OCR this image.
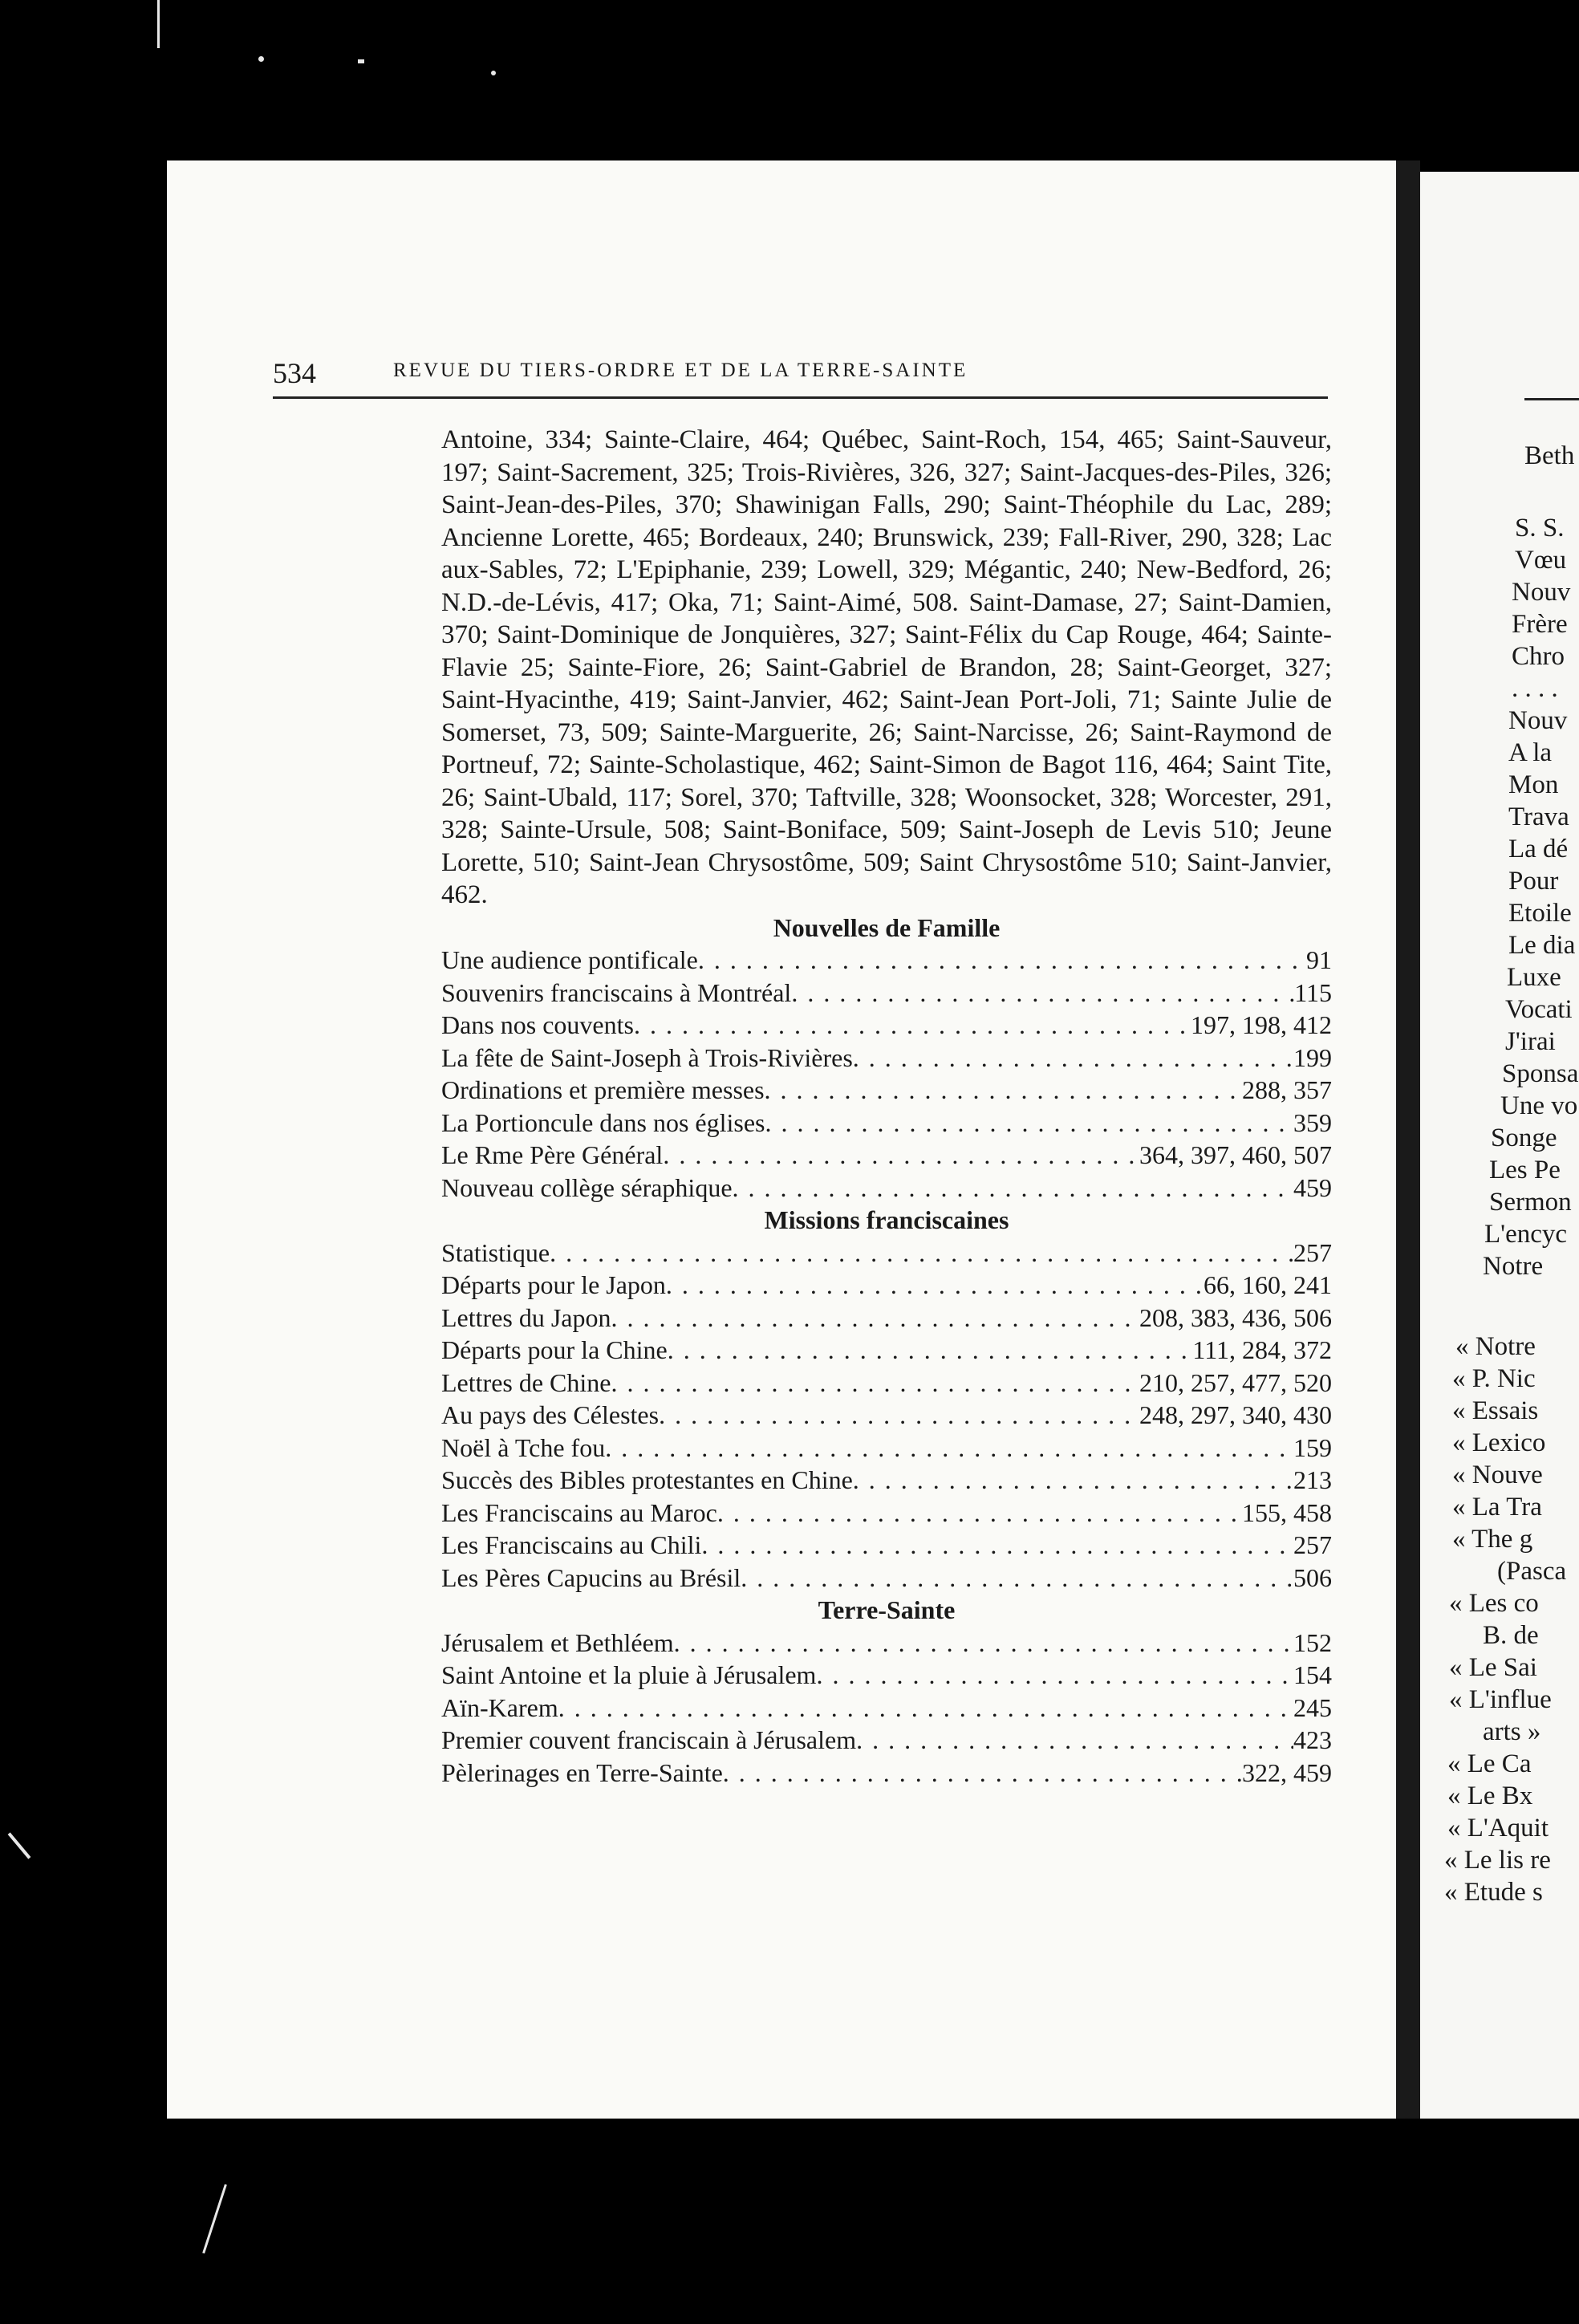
534	REVUE DU TIERS-ORDRE ET DE LA TERRE-SAINTE

Antoine, 334; Sainte-Claire, 464; Québec, Saint-Roch, 154, 465; Saint-Sauveur, 197; Saint-Sacrement, 325; Trois-Rivières, 326, 327; Saint-Jacques-des-Piles, 326; Saint-Jean-des-Piles, 370; Shawinigan Falls, 290; Saint-Théophile du Lac, 289; Ancienne Lorette, 465; Bordeaux, 240; Brunswick, 239; Fall-River, 290, 328; Lac aux-Sables, 72; L'Epiphanie, 239; Lowell, 329; Mégantic, 240; New-Bedford, 26; N.D.-de-Lévis, 417; Oka, 71; Saint-Aimé, 508. Saint-Damase, 27; Saint-Damien, 370; Saint-Dominique de Jonquières, 327; Saint-Félix du Cap Rouge, 464; Sainte-Flavie 25; Sainte-Fiore, 26; Saint-Gabriel de Brandon, 28; Saint-Georget, 327; Saint-Hyacinthe, 419; Saint-Janvier, 462; Saint-Jean Port-Joli, 71; Sainte Julie de Somerset, 73, 509; Sainte-Marguerite, 26; Saint-Narcisse, 26; Saint-Raymond de Portneuf, 72; Sainte-Scholastique, 462; Saint-Simon de Bagot 116, 464; Saint Tite, 26; Saint-Ubald, 117; Sorel, 370; Taftville, 328; Woonsocket, 328; Worcester, 291, 328; Sainte-Ursule, 508; Saint-Boniface, 509; Saint-Joseph de Levis 510; Jeune Lorette, 510; Saint-Jean Chrysostôme, 509; Saint Chrysostôme 510; Saint-Janvier, 462.

Nouvelles de Famille
Une audience pontificale . . .	91
Souvenirs franciscains à Montréal . . .	115
Dans nos couvents . . .	197, 198, 412
La fête de Saint-Joseph à Trois-Rivières . . .	199
Ordinations et première messes . . .	288, 357
La Portioncule dans nos églises . . .	359
Le Rme Père Général . . .	364, 397, 460, 507
Nouveau collège séraphique . . .	459
Missions franciscaines
Statistique . . .	257
Départs pour le Japon . . .	66, 160, 241
Lettres du Japon . . .	208, 383, 436, 506
Départs pour la Chine . . .	111, 284, 372
Lettres de Chine . . .	210, 257, 477, 520
Au pays des Célestes . . .	248, 297, 340, 430
Noël à Tche fou . . .	159
Succès des Bibles protestantes en Chine . . .	213
Les Franciscains au Maroc . . .	155, 458
Les Franciscains au Chili . . .	257
Les Pères Capucins au Brésil . . .	506
Terre-Sainte
Jérusalem et Bethléem . . .	152
Saint Antoine et la pluie à Jérusalem . . .	154
Aïn-Karem . . .	245
Premier couvent franciscain à Jérusalem . . .	423
Pèlerinages en Terre-Sainte . . .	322, 459
Beth
S. S.
Vœu
Nouv
Frère
Chro
. . . .
Nouv
A la
Mon
Trava
La dé
Pour
Etoile
Le dia
Luxe
Vocati
J'irai
Sponsa
Une vo
Songe
Les Pe
Sermon
L'encyc
Notre
« Notre
« P. Nic
« Essais
« Lexico
« Nouve
« La Tra
« The g
(Pasca
« Les co
B. de
« Le Sai
« L'influe
arts »
« Le Ca
« Le Bx
« L'Aquit
« Le lis re
« Etude s
